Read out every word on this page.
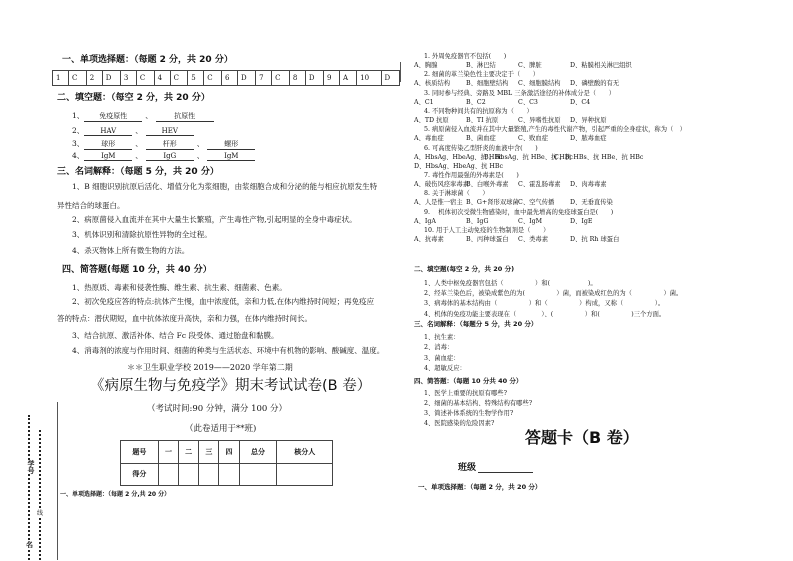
一、单项选择题：（每题 2 分，共 20 分）
1	C	2	D	3	C	4	C	5	C	6	D	7	C	8	D	9	A	10	D
二、填空题：（每空 2 分，共 20 分）
1、 免疫原性 、	抗原性
2、 HAV	、	HEV
3、 球形	、	杆形	、	螺形
4、 IgM	、	IgG	、	IgM
三、名词解释：（每题 5 分，共 20 分）
1、B 细胞识别抗原后活化、增值分化为浆细胞，由浆细胞合成和分泌的能与相应抗原发生特
异性结合的球蛋白。
2、病原菌侵入血流并在其中大量生长繁殖，产生毒性产物,引起明显的全身中毒症状。
3、机体识别和清除抗原性异物的全过程。
4、杀灭物体上所有微生物的方法。
四、简答题(每题 10 分，共 40 分）
1、热原质、毒素和侵袭性酶、维生素、抗生素、细菌素、色素。
2、初次免疫应答的特点:抗体产生慢，血中浓度低，亲和力低,在体内维持时间短；再免疫应
答的特点：潜伏期短，血中抗体浓度升高快，亲和力强，在体内维持时间长。
3、结合抗原、激活补体、结合 Fc 段受体、通过胎盘和黏膜。
4、消毒剂的浓度与作用时间、细菌的种类与生活状态、环境中有机物的影响、酸碱度、温度。
＊＊卫生职业学校 2019——2020 学年第二期
《病原生物与免疫学》期末考试试卷(B 卷）
（考试时间:90 分钟，满分 100 分）
（此卷适用于**班)
题号	一	二	三	四	总分	核分人
得分						
一、单项选择题：（每题 2 分,共 20 分）
学号
线
名
1. 外周免疫器官不包括(　　)
A、胸腺	B、淋巴结	C、脾脏	D、粘膜相关淋巴组织
2. 细菌的革兰染色性主要决定于（　　）
A、核质结构	B、细胞壁结构 C、细胞膜结构 D、磷壁酸的有无
3. 同时参与经典、旁路及 MBL 三条激活途径的补体成分是（　　）
A、C1	B、C2	C、C3	D、C4
4. 不同物种间共有的抗原称为（　　）
A、TD 抗原	B、TI 抗原	C、异嗜性抗原 D、异种抗原
5. 病原菌侵入血流并在其中大量繁殖,产生的毒性代谢产物，引起严重的全身症状，称为（　）
A、毒血症	B、菌血症	C、败血症	D、脓毒血症
6. 可高度传染乙型肝炎的血液中含(　　)
A、HbsAg、HbeAg、抗 HBcB、HbsAg、抗 HBe、抗 HBcC、抗 HBs、抗 HBe、抗 HBc
D、HbsAg、HbeAg、抗 HBc
7. 毒性作用最强的外毒素是(　　)
A、破伤风痉挛毒素B、白喉外毒素 C、霍乱肠毒素 D、肉毒毒素
8. 关于淋球菌（　　）
A、人是惟一宿主 B、G+肾形双球菌C、空气传播 D、无垂直传染
9. 　机体初次受微生物感染时，血中最先增高的免疫球蛋白是(　　)
A、IgA	B、IgG	C、IgM	D、IgE
10. 用于人工主动免疫的生物制剂是（　　）
A、抗毒素	B、丙种球蛋白 C、类毒素	D、抗 Rh 球蛋白
二、填空题(每空 2 分，共 20 分)
1、人类中枢免疫器官包括（　　　　　）和(　　　　　　)。
2、经革兰染色后，被染成紫色的为(　　　　　）菌，而被染成红色的为（　　　　　）菌。
3、病毒体的基本结构由（　　　　　）和（　　　　　）构成，又称（　　　　　）。
4、机体的免疫功能主要表现在（　　　　）、(　　　　　）和(　　　　　)三个方面。
三、名词解释：（每题分 5 分，共 20 分）
1、抗生素：
2、消毒：
3、菌血症：
4、超敏反应：
四、简答题：（每题 10 分共 40 分）
1、医学上重要的抗原有哪些?
2、细菌的基本结构、特殊结构有哪些?
3、简述补体系统的生物学作用?
4、医院感染的危险因素?
答题卡（B 卷）
班级
一、单项选择题：（每题 2 分，共 20 分）
